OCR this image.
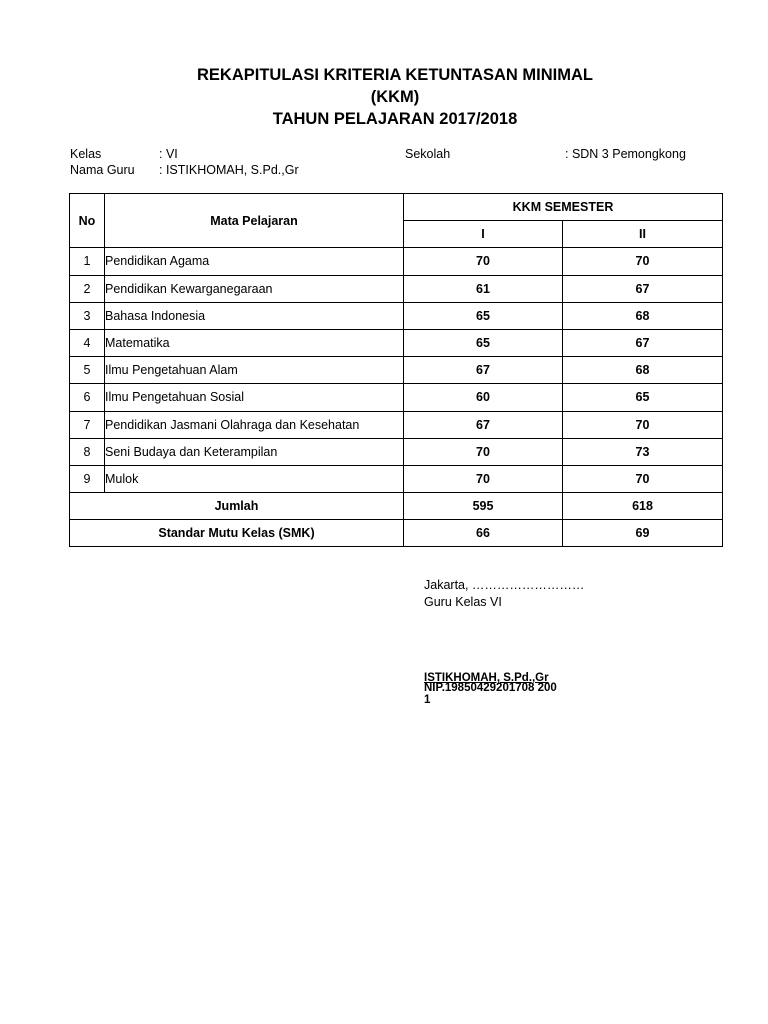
REKAPITULASI KRITERIA KETUNTASAN MINIMAL
(KKM)
TAHUN PELAJARAN 2017/2018
Kelas	: VI	Sekolah	: SDN 3 Pemongkong
Nama Guru : ISTIKHOMAH, S.Pd.,Gr
No	Mata Pelajaran	KKM SEMESTER	
		I	II
1	Pendidikan Agama	70	70
2	Pendidikan Kewarganegaraan	61	67
3	Bahasa Indonesia	65	68
4	Matematika	65	67
5	Ilmu Pengetahuan Alam	67	68
6	Ilmu Pengetahuan Sosial	60	65
7	Pendidikan Jasmani Olahraga dan Kesehatan	67	70
8	Seni Budaya dan Keterampilan	70	73
9	Mulok	70	70
Jumlah		595	618
Standar Mutu Kelas (SMK)		66	69
Jakarta, ………………………
Guru Kelas VI
ISTIKHOMAH, S.Pd.,Gr
NIP.19850429201708 2001
